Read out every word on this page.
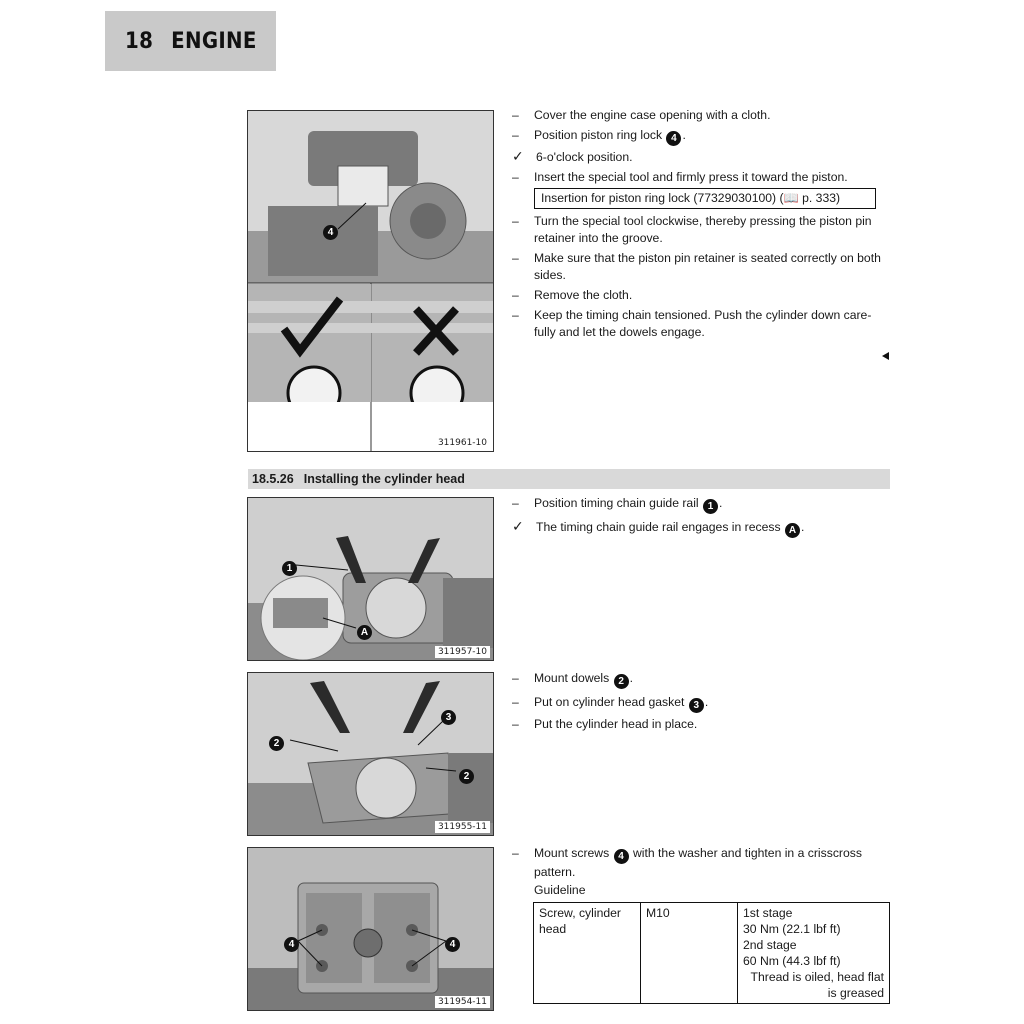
18 ENGINE
4
311961-10
– Cover the engine case opening with a cloth.
– Position piston ring lock 4 .
✓ 6-o'clock position.
– Insert the special tool and firmly press it toward the piston.
Insertion for piston ring lock (77329030100) (📖 p. 333)
– Turn the special tool clockwise, thereby pressing the piston pin retainer into the groove.
– Make sure that the piston pin retainer is seated correctly on both sides.
– Remove the cloth.
– Keep the timing chain tensioned. Push the cylinder down care-fully and let the dowels engage.
18.5.26 Installing the cylinder head
1
A
311957-10
– Position timing chain guide rail 1 .
✓ The timing chain guide rail engages in recess A .
2
3
2
311955-11
– Mount dowels 2 .
– Put on cylinder head gasket 3 .
– Put the cylinder head in place.
4	4
311954-11
– Mount screws 4 with the washer and tighten in a crisscross pattern.
Guideline
Screw, cylinder head	M10	1st stage
30 Nm (22.1 lbf ft)
2nd stage
60 Nm (44.3 lbf ft)
Thread is oiled, head flat is greased
